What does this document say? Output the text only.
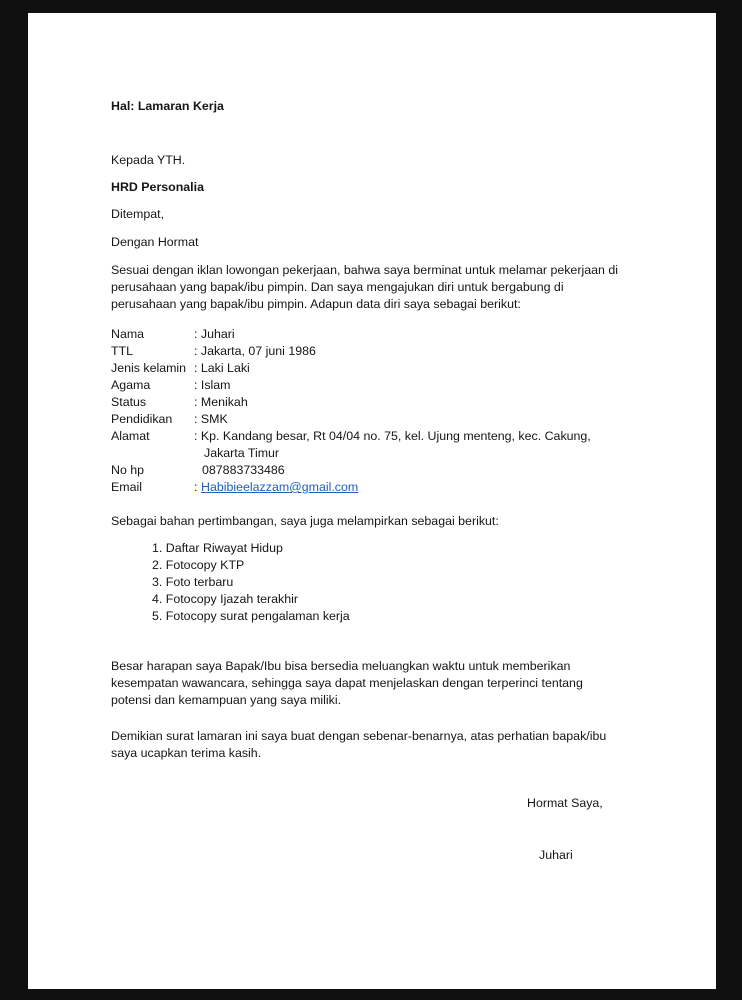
Hal: Lamaran Kerja

Kepada YTH.

HRD Personalia

Ditempat,

Dengan Hormat

Sesuai dengan iklan lowongan pekerjaan, bahwa saya berminat untuk melamar pekerjaan di

perusahaan yang bapak/ibu pimpin. Dan saya mengajukan diri untuk bergabung di

perusahaan yang bapak/ibu pimpin. Adapun data diri saya sebagai berikut:

Nama	: Juhari
TTL	: Jakarta, 07 juni 1986
Jenis kelamin : Laki Laki
Agama	: Islam
Status	: Menikah
Pendidikan : SMK
Alamat	: Kp. Kandang besar, Rt 04/04 no. 75, kel. Ujung menteng, kec. Cakung,
Jakarta Timur
No hp	087883733486
Email	: Habibieelazzam@gmail.com

Sebagai bahan pertimbangan, saya juga melampirkan sebagai berikut:

1. Daftar Riwayat Hidup
2. Fotocopy KTP
3. Foto terbaru
4. Fotocopy Ijazah terakhir
5. Fotocopy surat pengalaman kerja

Besar harapan saya Bapak/Ibu bisa bersedia meluangkan waktu untuk memberikan

kesempatan wawancara, sehingga saya dapat menjelaskan dengan terperinci tentang

potensi dan kemampuan yang saya miliki.

Demikian surat lamaran ini saya buat dengan sebenar-benarnya, atas perhatian bapak/ibu

saya ucapkan terima kasih.

Hormat Saya,

Juhari
